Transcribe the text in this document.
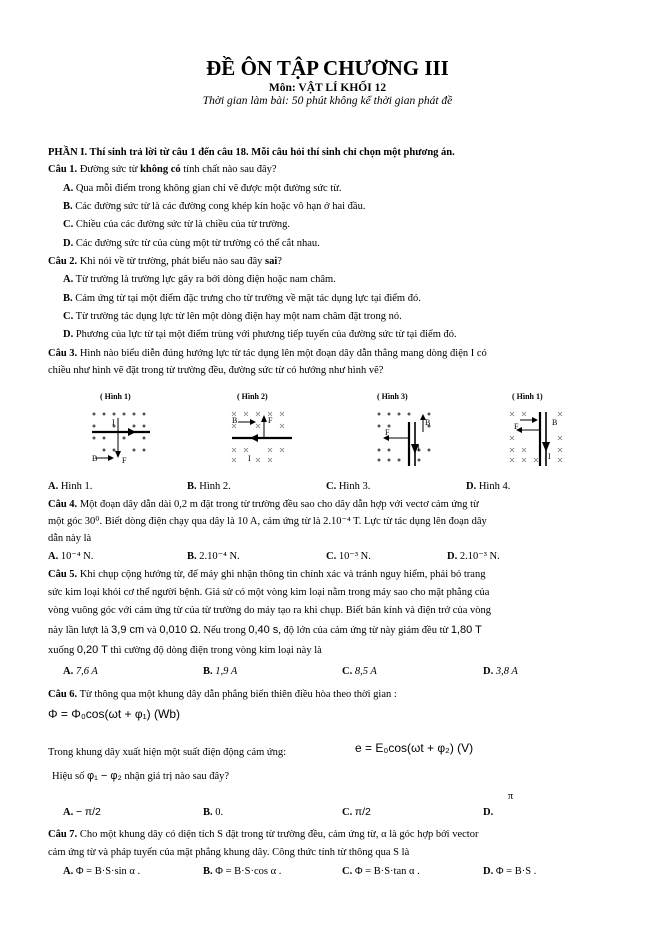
ĐỀ ÔN TẬP CHƯƠNG III
Môn: VẬT LÍ KHỐI 12
Thời gian làm bài: 50 phút không kể thời gian phát đề
PHẦN I. Thí sinh trả lời từ câu 1 đến câu 18. Mỗi câu hỏi thí sinh chỉ chọn một phương án.
Câu 1. Đường sức từ không có tính chất nào sau đây?
A. Qua mỗi điểm trong không gian chỉ vẽ được một đường sức từ.
B. Các đường sức từ là các đường cong khép kín hoặc vô hạn ở hai đầu.
C. Chiều của các đường sức từ là chiều của từ trường.
D. Các đường sức từ của cùng một từ trường có thể cắt nhau.
Câu 2. Khi nói về từ trường, phát biểu nào sau đây sai?
A. Từ trường là trường lực gây ra bởi dòng điện hoặc nam châm.
B. Cảm ứng từ tại một điểm đặc trưng cho từ trường về mặt tác dụng lực tại điểm đó.
C. Từ trường tác dụng lực từ lên một dòng điện hay một nam châm đặt trong nó.
D. Phương của lực từ tại một điểm trùng với phương tiếp tuyến của đường sức từ tại điểm đó.
Câu 3. Hình nào biểu diễn đúng hướng lực từ tác dụng lên một đoạn dây dẫn thẳng mang dòng điện I có
chiều như hình vẽ đặt trong từ trường đều, đường sức từ có hướng như hình vẽ?
( Hình 1)	( Hình 2)	( Hình 3)	( Hình 1)
I
B	F
B	F
I
F
B
I
F	B
I
A. Hình 1.	B. Hình 2.	C. Hình 3.	D. Hình 4.
Câu 4. Một đoạn dây dẫn dài 0,2 m đặt trong từ trường đều sao cho dây dẫn hợp với vectơ cảm ứng từ
một góc 30⁰. Biết dòng điện chạy qua dây là 10 A, cảm ứng từ là 2.10⁻⁴ T. Lực từ tác dụng lên đoạn dây
dẫn này là
A. 10⁻⁴ N.	B. 2.10⁻⁴ N.	C. 10⁻³ N.	D. 2.10⁻³ N.
Câu 5. Khi chụp cộng hưởng từ, để máy ghi nhận thông tin chính xác và tránh nguy hiểm, phải bỏ trang
sức kim loại khỏi cơ thể người bệnh. Giả sử có một vòng kim loại nằm trong máy sao cho mặt phẳng của
vòng vuông góc với cảm ứng từ của từ trường do máy tạo ra khi chụp. Biết bán kính và điện trở của vòng
này lần lượt là 3,9 cm và 0,010 Ω. Nếu trong 0,40 s, độ lớn của cảm ứng từ này giảm đều từ 1,80 T
xuống 0,20 T thì cường độ dòng điện trong vòng kim loại này là
A. 7,6 A	B. 1,9 A	C. 8,5 A	D. 3,8 A
Câu 6. Từ thông qua một khung dây dẫn phẳng biến thiên điều hòa theo thời gian :
Φ = Φ₀cos(ωt + φ₁) (Wb)
Trong khung dây xuất hiện một suất điện động cảm ứng:	e = E₀cos(ωt + φ₂) (V)
Hiệu số φ₁ − φ₂ nhận giá trị nào sau đây?
A. − π/2	B. 0.	C. π/2	D. π
Câu 7. Cho một khung dây có diện tích S đặt trong từ trường đều, cảm ứng từ, α là góc hợp bởi vector
cảm ứng từ và pháp tuyến của mặt phẳng khung dây. Công thức tính từ thông qua S là
A. Φ = B·S·sin α .	B. Φ = B·S·cos α .	C. Φ = B·S·tan α .	D. Φ = B·S .
